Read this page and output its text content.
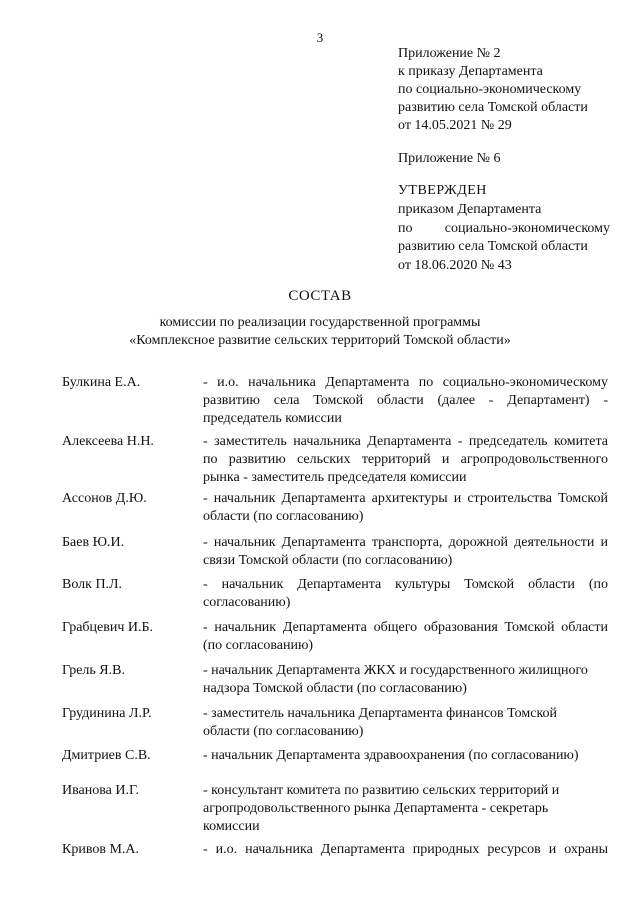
3
Приложение № 2
к приказу Департамента
по социально-экономическому
развитию села Томской области
от 14.05.2021 № 29
Приложение № 6
УТВЕРЖДЕН
приказом Департамента
по социально-экономическому
развитию села Томской области
от 18.06.2020 № 43
СОСТАВ
комиссии по реализации государственной программы
«Комплексное развитие сельских территорий Томской области»
Булкина Е.А.	- и.о. начальника Департамента по социально-экономическому
развитию села Томской области (далее - Департамент) -
председатель комиссии
Алексеева Н.Н.	- заместитель начальника Департамента - председатель комитета
по развитию сельских территорий и агропродовольственного
рынка - заместитель председателя комиссии
Ассонов Д.Ю.	- начальник Департамента архитектуры и строительства Томской
области (по согласованию)
Баев Ю.И.	- начальник Департамента транспорта, дорожной деятельности и
связи Томской области (по согласованию)
Волк П.Л.	- начальник Департамента культуры Томской области (по
согласованию)
Грабцевич И.Б.	- начальник Департамента общего образования Томской области
(по согласованию)
Грель Я.В.	- начальник Департамента ЖКХ и государственного жилищного
надзора Томской области (по согласованию)
Грудинина Л.Р.	- заместитель начальника Департамента финансов Томской
области (по согласованию)
Дмитриев С.В.	- начальник Департамента здравоохранения (по согласованию)
Иванова И.Г.	- консультант комитета по развитию сельских территорий и
агропродовольственного рынка Департамента - секретарь
комиссии
Кривов М.А.	- и.о. начальника Департамента природных ресурсов и охраны
